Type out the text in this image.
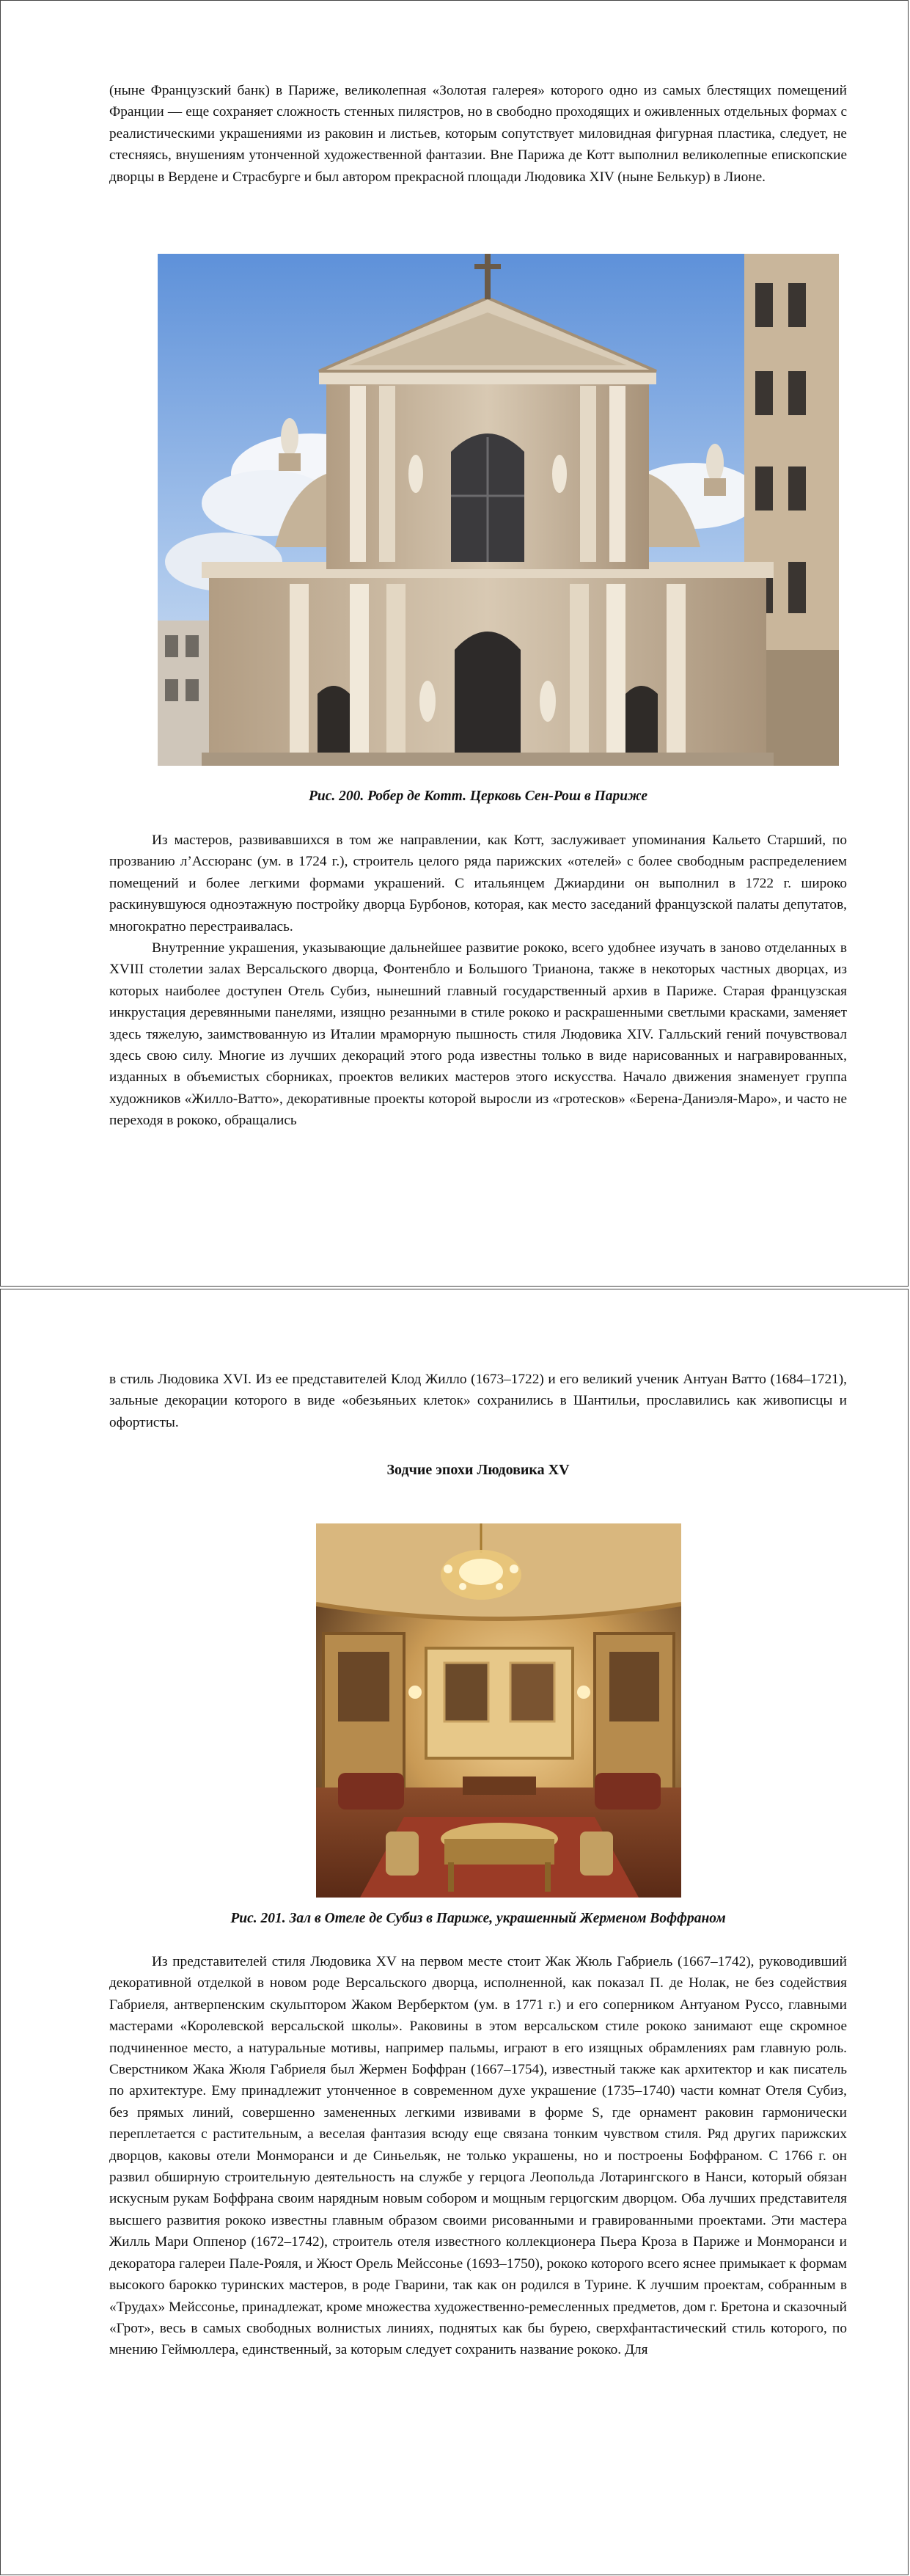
(ныне Французский банк) в Париже, великолепная «Золотая галерея» которого одно из самых блестящих помещений Франции — еще сохраняет сложность стенных пилястров, но в свободно проходящих и оживленных отдельных формах с реалистическими украшениями из раковин и листьев, которым сопутствует миловидная фигурная пластика, следует, не стесняясь, внушениям утонченной художественной фантазии. Вне Парижа де Котт выполнил великолепные епископские дворцы в Вердене и Страсбурге и был автором прекрасной площади Людовика XIV (ныне Белькур) в Лионе.

Рис. 200. Робер де Котт. Церковь Сен-Рош в Париже

Из мастеров, развивавшихся в том же направлении, как Котт, заслуживает упоминания Кальето Старший, по прозванию л’Ассюранс (ум. в 1724 г.), строитель целого ряда парижских «отелей» с более свободным распределением помещений и более легкими формами украшений. С итальянцем Джиардини он выполнил в 1722 г. широко раскинувшуюся одноэтажную постройку дворца Бурбонов, которая, как место заседаний французской палаты депутатов, многократно перестраивалась.

Внутренние украшения, указывающие дальнейшее развитие рококо, всего удобнее изучать в заново отделанных в XVIII столетии залах Версальского дворца, Фонтенбло и Большого Трианона, также в некоторых частных дворцах, из которых наиболее доступен Отель Субиз, нынешний главный государственный архив в Париже. Старая французская инкрустация деревянными панелями, изящно резанными в стиле рококо и раскрашенными светлыми красками, заменяет здесь тяжелую, заимствованную из Италии мраморную пышность стиля Людовика XIV. Галльский гений почувствовал здесь свою силу. Многие из лучших декораций этого рода известны только в виде нарисованных и награвированных, изданных в объемистых сборниках, проектов великих мастеров этого искусства. Начало движения знаменует группа художников «Жилло-Ватто», декоративные проекты которой выросли из «гротесков» «Берена-Даниэля-Маро», и часто не переходя в рококо, обращались

в стиль Людовика XVI. Из ее представителей Клод Жилло (1673–1722) и его великий ученик Антуан Ватто (1684–1721), зальные декорации которого в виде «обезьяньих клеток» сохранились в Шантильи, прославились как живописцы и офортисты.

Зодчие эпохи Людовика XV
Рис. 201. Зал в Отеле де Субиз в Париже, украшенный Жерменом Воффраном

Из представителей стиля Людовика XV на первом месте стоит Жак Жюль Габриель (1667–1742), руководивший декоративной отделкой в новом роде Версальского дворца, исполненной, как показал П. де Нолак, не без содействия Габриеля, антверпенским скульптором Жаком Верберктом (ум. в 1771 г.) и его соперником Антуаном Руссо, главными мастерами «Королевской версальской школы». Раковины в этом версальском стиле рококо занимают еще скромное подчиненное место, а натуральные мотивы, например пальмы, играют в его изящных обрамлениях рам главную роль. Сверстником Жака Жюля Габриеля был Жермен Боффран (1667–1754), известный также как архитектор и как писатель по архитектуре. Ему принадлежит утонченное в современном духе украшение (1735–1740) части комнат Отеля Субиз, без прямых линий, совершенно замененных легкими извивами в форме S, где орнамент раковин гармонически переплетается с растительным, а веселая фантазия всюду еще связана тонким чувством стиля. Ряд других парижских дворцов, каковы отели Монморанси и де Синьельяк, не только украшены, но и построены Боффраном. С 1766 г. он развил обширную строительную деятельность на службе у герцога Леопольда Лотарингского в Нанси, который обязан искусным рукам Боффрана своим нарядным новым собором и мощным герцогским дворцом. Оба лучших представителя высшего развития рококо известны главным образом своими рисованными и гравированными проектами. Эти мастера Жилль Мари Оппенор (1672–1742), строитель отеля известного коллекционера Пьера Кроза в Париже и Монморанси и декоратора галереи Пале-Рояля, и Жюст Орель Мейссонье (1693–1750), рококо которого всего яснее примыкает к формам высокого барокко туринских мастеров, в роде Гварини, так как он родился в Турине. К лучшим проектам, собранным в «Трудах» Мейссонье, принадлежат, кроме множества художественно-ремесленных предметов, дом г. Бретона и сказочный «Грот», весь в самых свободных волнистых линиях, поднятых как бы бурею, сверхфантастический стиль которого, по мнению Геймюллера, единственный, за которым следует сохранить название рококо. Для
